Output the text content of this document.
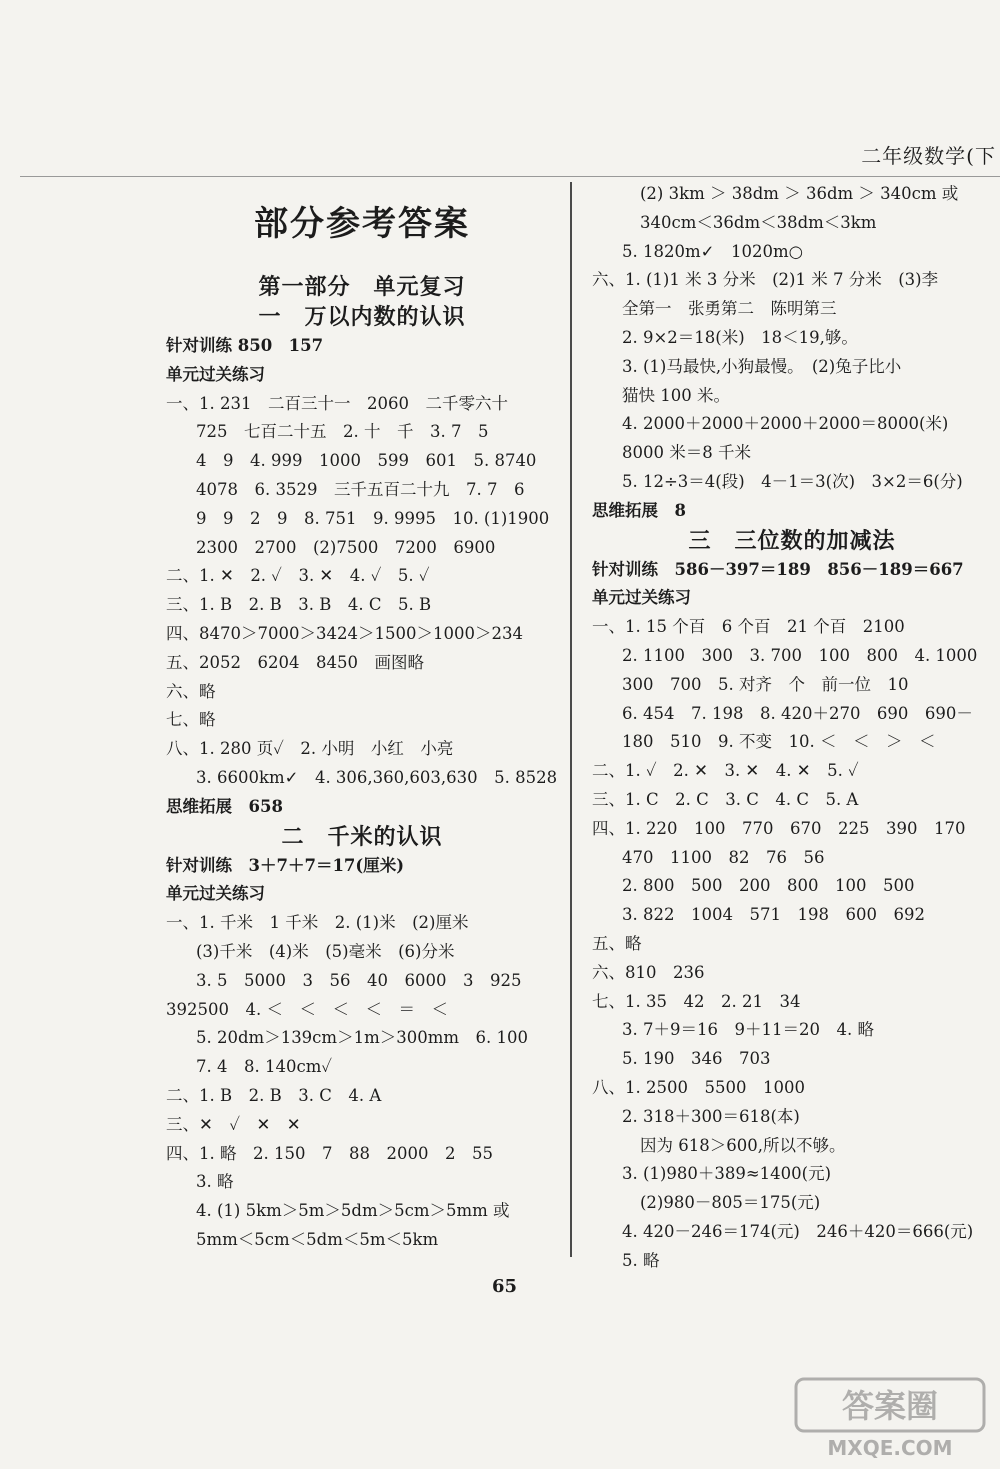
二年级数学(下
部分参考答案
第一部分　单元复习
一　万以内数的认识
针对训练 850　157
单元过关练习
一、1. 231　二百三十一　2060　二千零六十
725　七百二十五　2. 十　千　3. 7　5
4　9　4. 999　1000　599　601　5. 8740
4078　6. 3529　三千五百二十九　7. 7　6
9　9　2　9　8. 751　9. 9995　10. (1)1900
2300　2700　(2)7500　7200　6900
二、1. ✕　2. ✓　3. ✕　4. ✓　5. ✓
三、1. B　2. B　3. B　4. C　5. B
四、8470＞7000＞3424＞1500＞1000＞234
五、2052　6204　8450　画图略
六、略
七、略
八、1. 280 页✓　2. 小明　小红　小亮
3. 6600km✓　4. 306,360,603,630　5. 8528
思维拓展　658
二　千米的认识
针对训练　3＋7＋7＝17(厘米)
单元过关练习
一、1. 千米　1 千米　2. (1)米　(2)厘米
(3)千米　(4)米　(5)毫米　(6)分米
3. 5　5000　3　56　40　6000　3　925
392500　4. ＜　＜　＜　＜　＝　＜
5. 20dm＞139cm＞1m＞300mm　6. 100
7. 4　8. 140cm✓
二、1. B　2. B　3. C　4. A
三、✕　✓　✕　✕
四、1. 略　2. 150　7　88　2000　2　55
3. 略
4. (1) 5km＞5m＞5dm＞5cm＞5mm 或
5mm＜5cm＜5dm＜5m＜5km
(2) 3km ＞ 38dm ＞ 36dm ＞ 340cm 或
340cm＜36dm＜38dm＜3km
5. 1820m✓　1020m○
六、1. (1)1 米 3 分米　(2)1 米 7 分米　(3)李
全第一　张勇第二　陈明第三
2. 9×2＝18(米)　18＜19,够。
3. (1)马最快,小狗最慢。　(2)兔子比小
猫快 100 米。
4. 2000＋2000＋2000＋2000＝8000(米)
8000 米＝8 千米
5. 12÷3＝4(段)　4－1＝3(次)　3×2＝6(分)
思维拓展　8
三　三位数的加减法
针对训练　586－397＝189　856－189＝667
单元过关练习
一、1. 15 个百　6 个百　21 个百　2100
2. 1100　300　3. 700　100　800　4. 1000
300　700　5. 对齐　个　前一位　10
6. 454　7. 198　8. 420＋270　690　690－
180　510　9. 不变　10. ＜　＜　＞　＜
二、1. ✓　2. ✕　3. ✕　4. ✕　5. ✓
三、1. C　2. C　3. C　4. C　5. A
四、1. 220　100　770　670　225　390　170
470　1100　82　76　56
2. 800　500　200　800　100　500
3. 822　1004　571　198　600　692
五、略
六、810　236
七、1. 35　42　2. 21　34
3. 7＋9＝16　9＋11＝20　4. 略
5. 190　346　703
八、1. 2500　5500　1000
2. 318＋300＝618(本)
因为 618＞600,所以不够。
3. (1)980＋389≈1400(元)
(2)980－805＝175(元)
4. 420－246＝174(元)　246＋420＝666(元)
5. 略
65
答案圈
MXQE.COM
